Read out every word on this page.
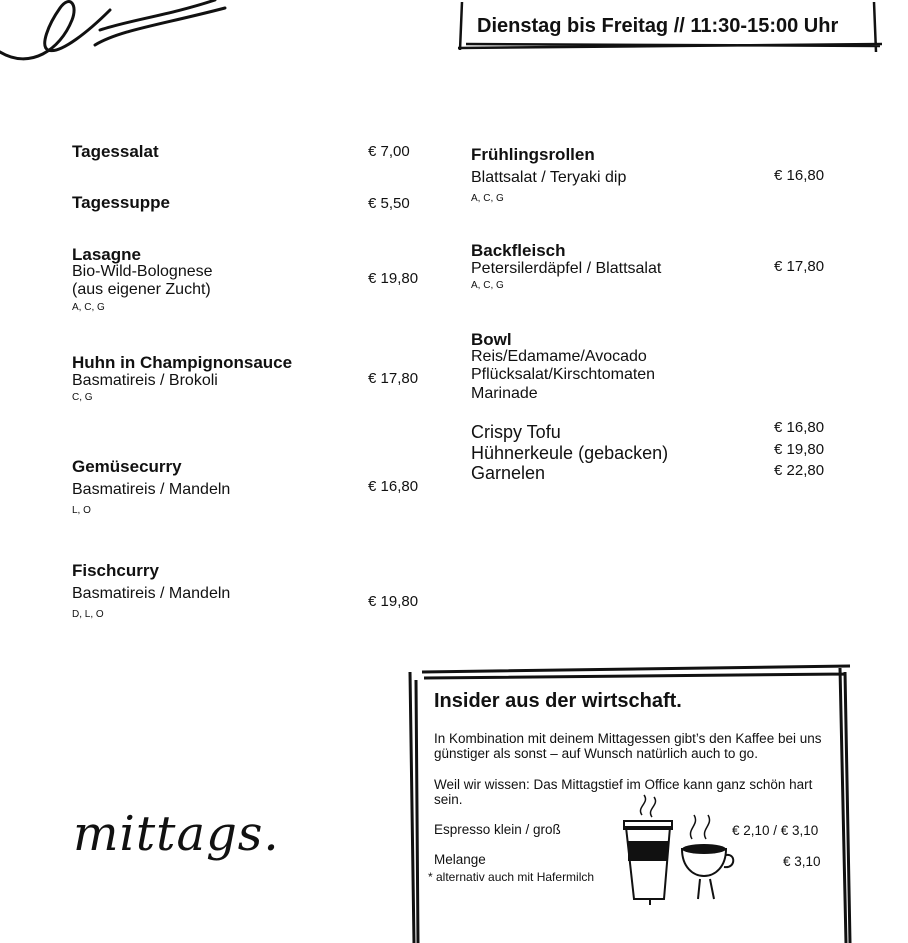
Dienstag bis Freitag // 11:30-15:00 Uhr
Tagessalat	€ 7,00
Tagessuppe	€ 5,50
Lasagne
Bio-Wild-Bolognese
(aus eigener Zucht)
A, C, G
€ 19,80
Huhn in Champignonsauce
Basmatireis / Brokoli
C, G
€ 17,80
Gemüsecurry
Basmatireis / Mandeln
L, O
€ 16,80
Fischcurry
Basmatireis / Mandeln
D, L, O
€ 19,80
Frühlingsrollen
Blattsalat / Teryaki dip
A, C, G
€ 16,80
Backfleisch
Petersilerdäpfel / Blattsalat
A, C, G
€ 17,80
Bowl
Reis/Edamame/Avocado
Pflücksalat/Kirschtomaten
Marinade
Crispy Tofu	€ 16,80
Hühnerkeule (gebacken)	€ 19,80
Garnelen	€ 22,80
Insider aus der wirtschaft.
In Kombination mit deinem Mittagessen gibt’s den Kaffee bei uns günstiger als sonst – auf Wunsch natürlich auch to go.
Weil wir wissen: Das Mittagstief im Office kann ganz schön hart sein.
Espresso klein / groß	€ 2,10 / € 3,10
Melange	€ 3,10
* alternativ auch mit Hafermilch
mittags.
